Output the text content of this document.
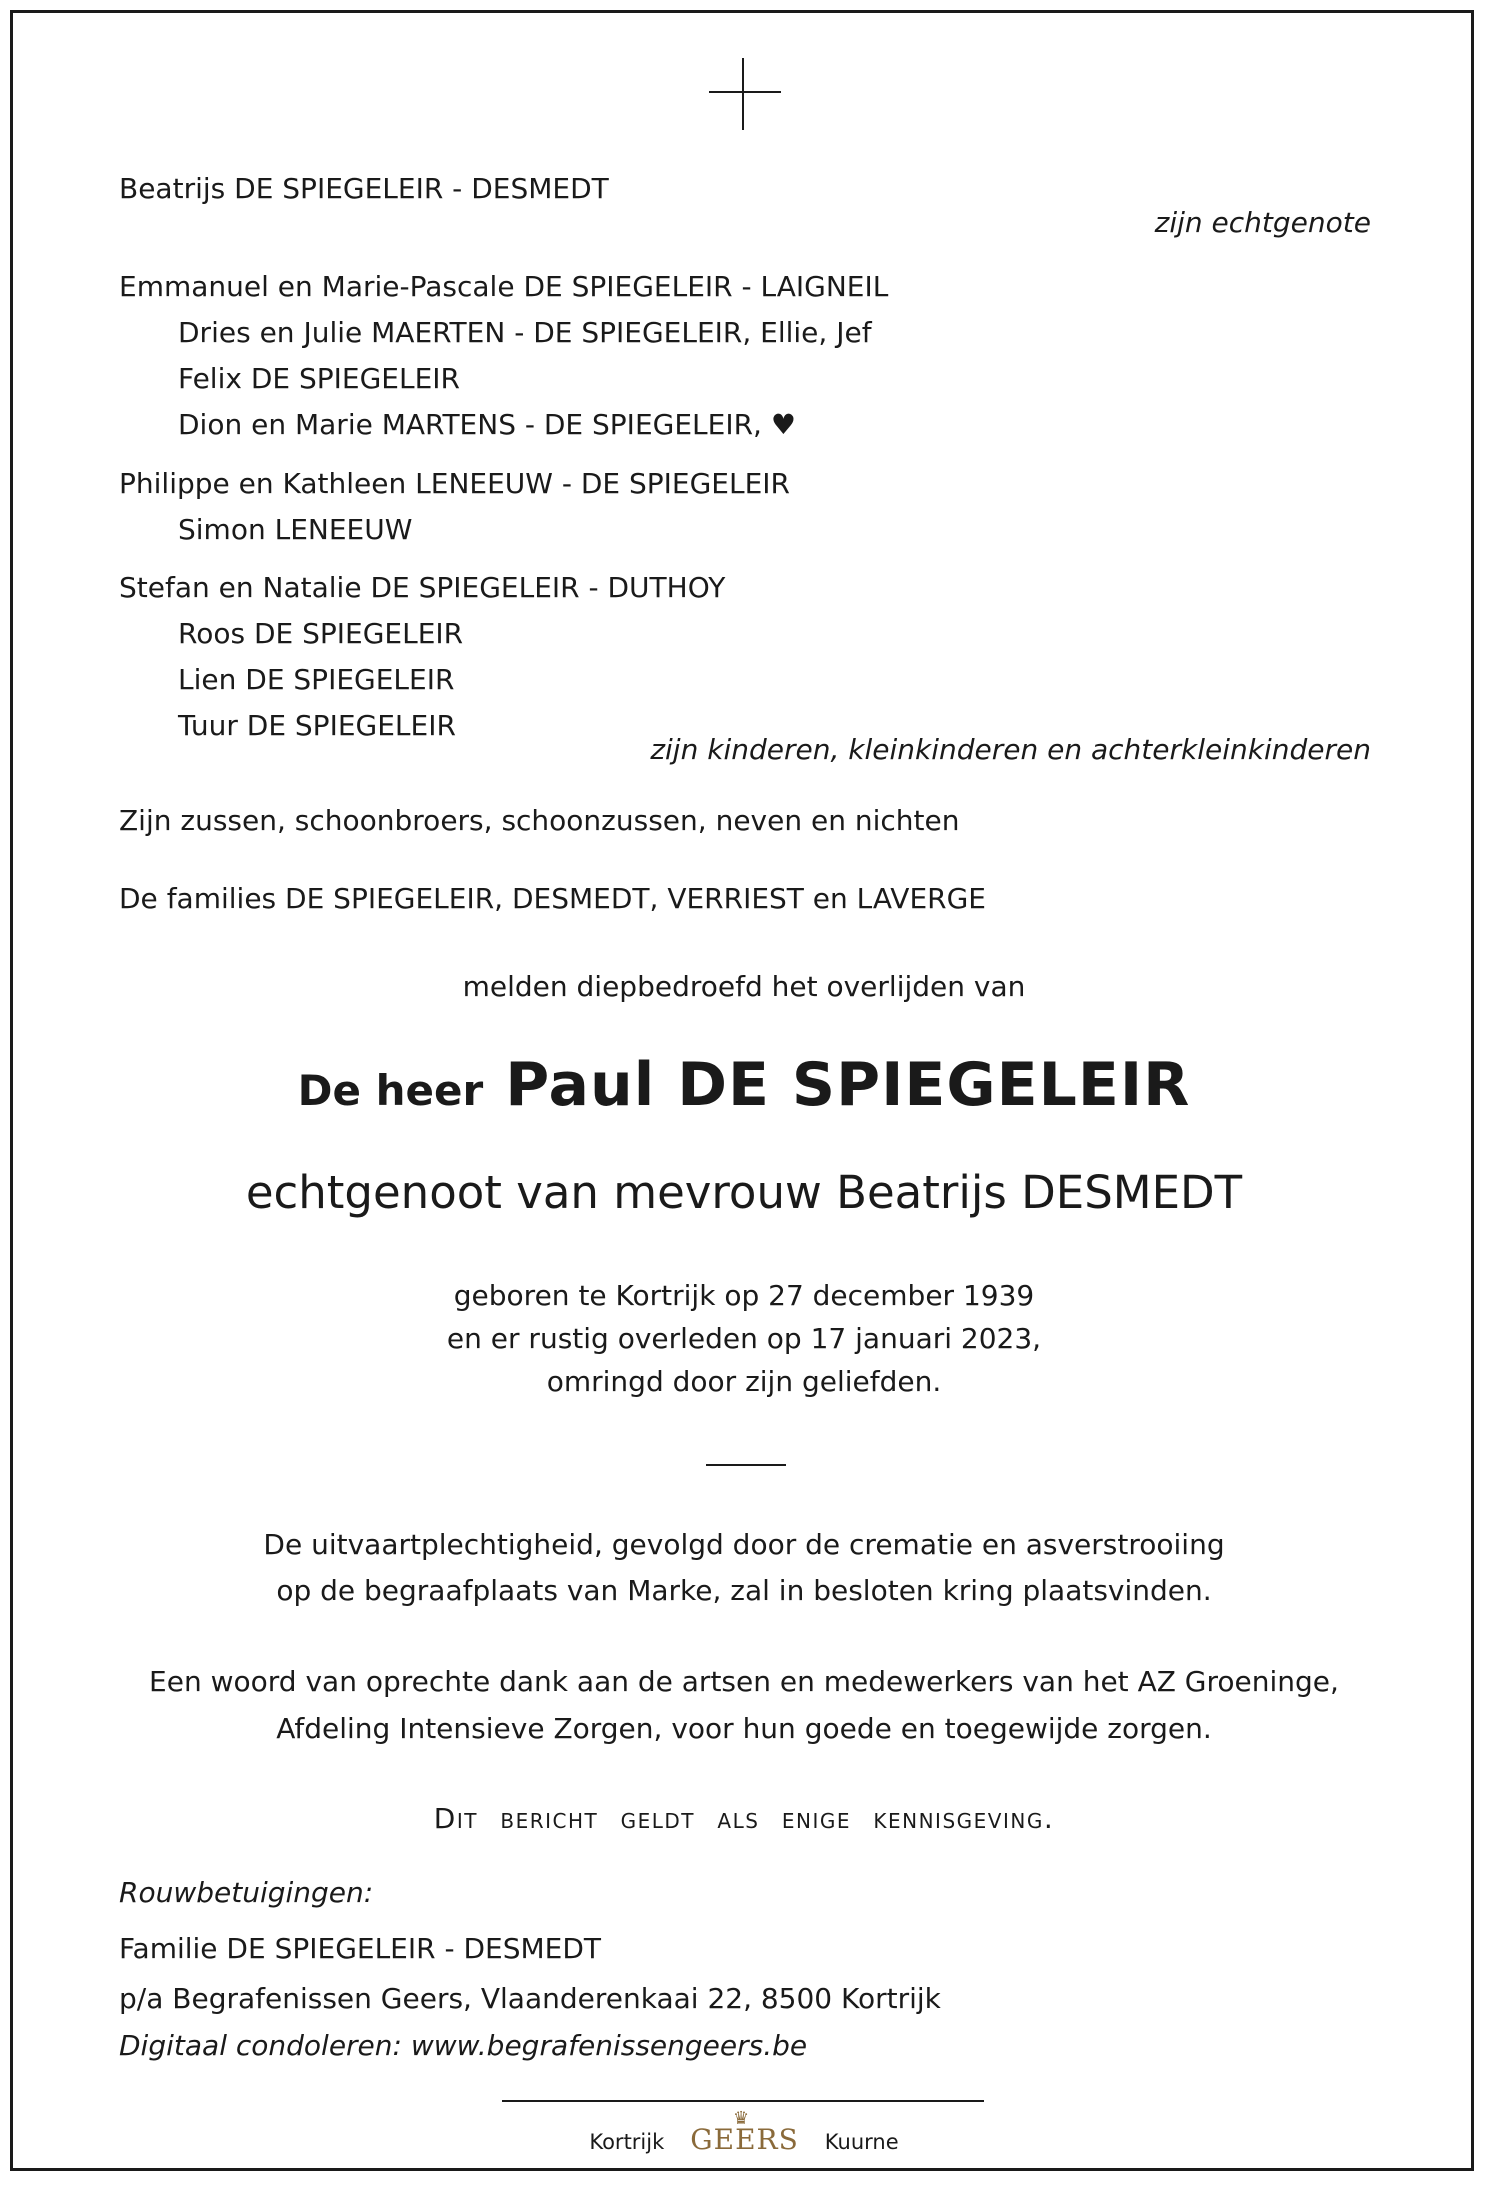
Beatrijs DE SPIEGELEIR - DESMEDT
zijn echtgenote
Emmanuel en Marie-Pascale DE SPIEGELEIR - LAIGNEIL
Dries en Julie MAERTEN - DE SPIEGELEIR, Ellie, Jef
Felix DE SPIEGELEIR
Dion en Marie MARTENS - DE SPIEGELEIR, ♥
Philippe en Kathleen LENEEUW - DE SPIEGELEIR
Simon LENEEUW
Stefan en Natalie DE SPIEGELEIR - DUTHOY
Roos DE SPIEGELEIR
Lien DE SPIEGELEIR
Tuur DE SPIEGELEIR
zijn kinderen, kleinkinderen en achterkleinkinderen
Zijn zussen, schoonbroers, schoonzussen, neven en nichten
De families DE SPIEGELEIR, DESMEDT, VERRIEST en LAVERGE
melden diepbedroefd het overlijden van
De heer Paul DE SPIEGELEIR
echtgenoot van mevrouw Beatrijs DESMEDT
geboren te Kortrijk op 27 december 1939
en er rustig overleden op 17 januari 2023,
omringd door zijn geliefden.
De uitvaartplechtigheid, gevolgd door de crematie en asverstrooiing
op de begraafplaats van Marke, zal in besloten kring plaatsvinden.
Een woord van oprechte dank aan de artsen en medewerkers van het AZ Groeninge,
Afdeling Intensieve Zorgen, voor hun goede en toegewijde zorgen.
Dit bericht geldt als enige kennisgeving.
Rouwbetuigingen:
Familie DE SPIEGELEIR - DESMEDT
p/a Begrafenissen Geers, Vlaanderenkaai 22, 8500 Kortrijk
Digitaal condoleren: www.begrafenissengeers.be
♛
Kortrijk GEERS Kuurne
